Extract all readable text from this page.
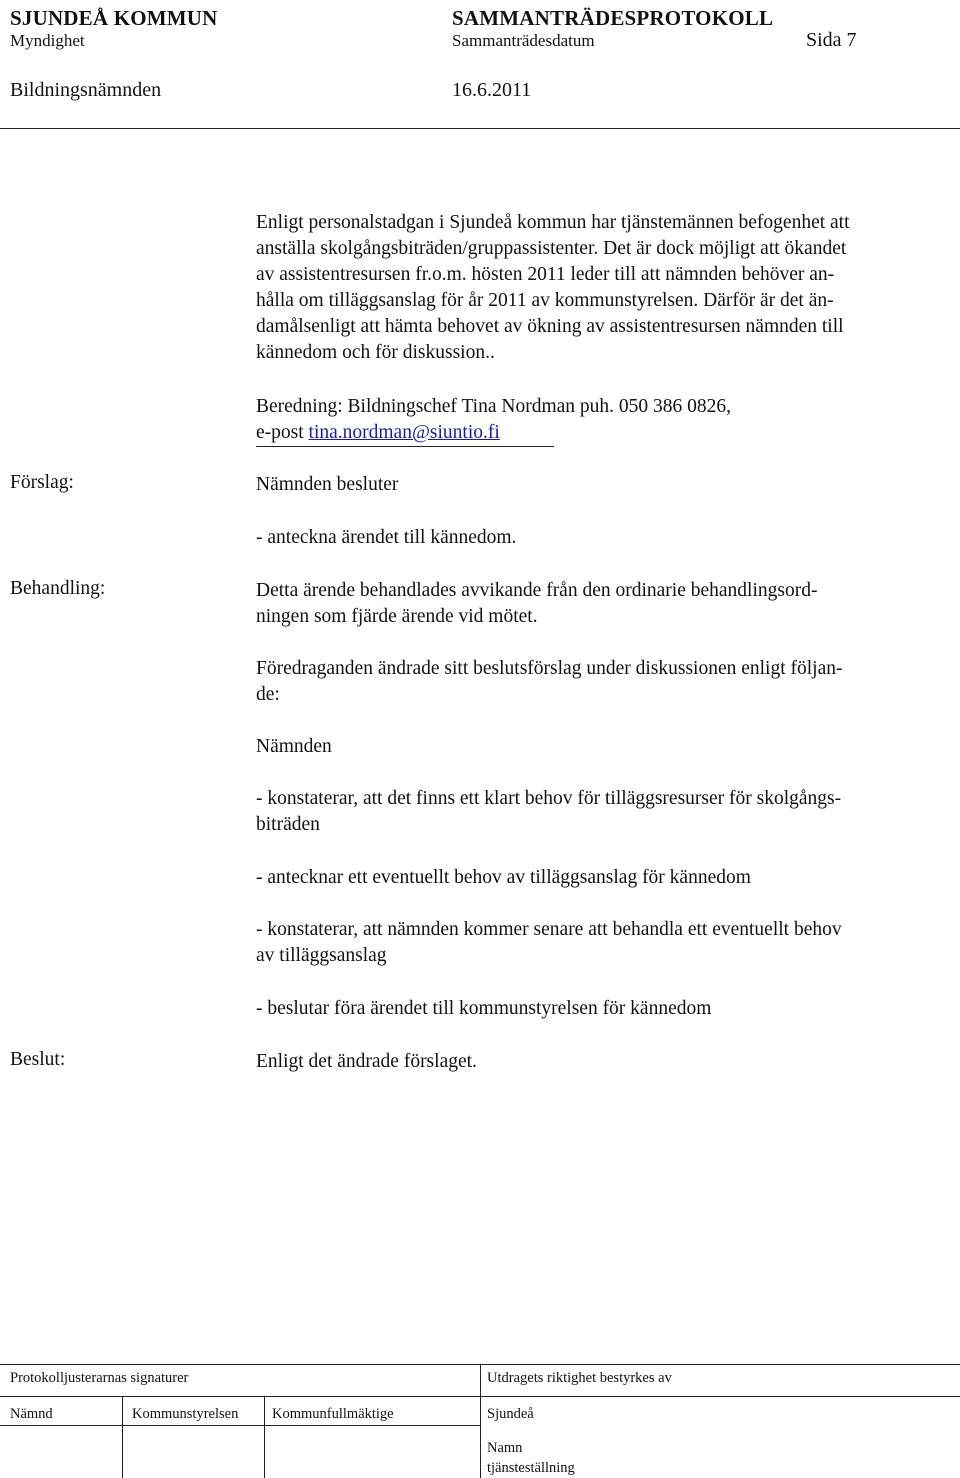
SJUNDEÅ KOMMUN	SAMMANTRÄDESPROTOKOLL
Myndighet	Sammanträdesdatum	Sida 7
Bildningsnämnden	16.6.2011

Enligt personalstadgan i Sjundeå kommun har tjänstemännen befogenhet att

anställa skolgångsbiträden/gruppassistenter. Det är dock möjligt att ökandet

av assistentresursen fr.o.m. hösten 2011 leder till att nämnden behöver an-

hålla om tilläggsanslag för år 2011 av kommunstyrelsen. Därför är det än-

damålsenligt att hämta behovet av ökning av assistentresursen nämnden till

kännedom och för diskussion..

Beredning: Bildningschef Tina Nordman puh. 050 386 0826,

e-post tina.nordman@siuntio.fi

Förslag:	Nämnden besluter
- anteckna ärendet till kännedom.
Behandling:	Detta ärende behandlades avvikande från den ordinarie behandlingsord-

ningen som fjärde ärende vid mötet.

Föredraganden ändrade sitt beslutsförslag under diskussionen enligt följan-

de:

Nämnden

- konstaterar, att det finns ett klart behov för tilläggsresurser för skolgångs-

biträden

- antecknar ett eventuellt behov av tilläggsanslag för kännedom

- konstaterar, att nämnden kommer senare att behandla ett eventuellt behov

av tilläggsanslag

- beslutar föra ärendet till kommunstyrelsen för kännedom

Beslut:	Enligt det ändrade förslaget.
Protokolljusterarnas signaturer	Utdragets riktighet bestyrkes av
Nämnd	Kommunstyrelsen Kommunfullmäktige	Sjundeå
Namn
tjänsteställning
